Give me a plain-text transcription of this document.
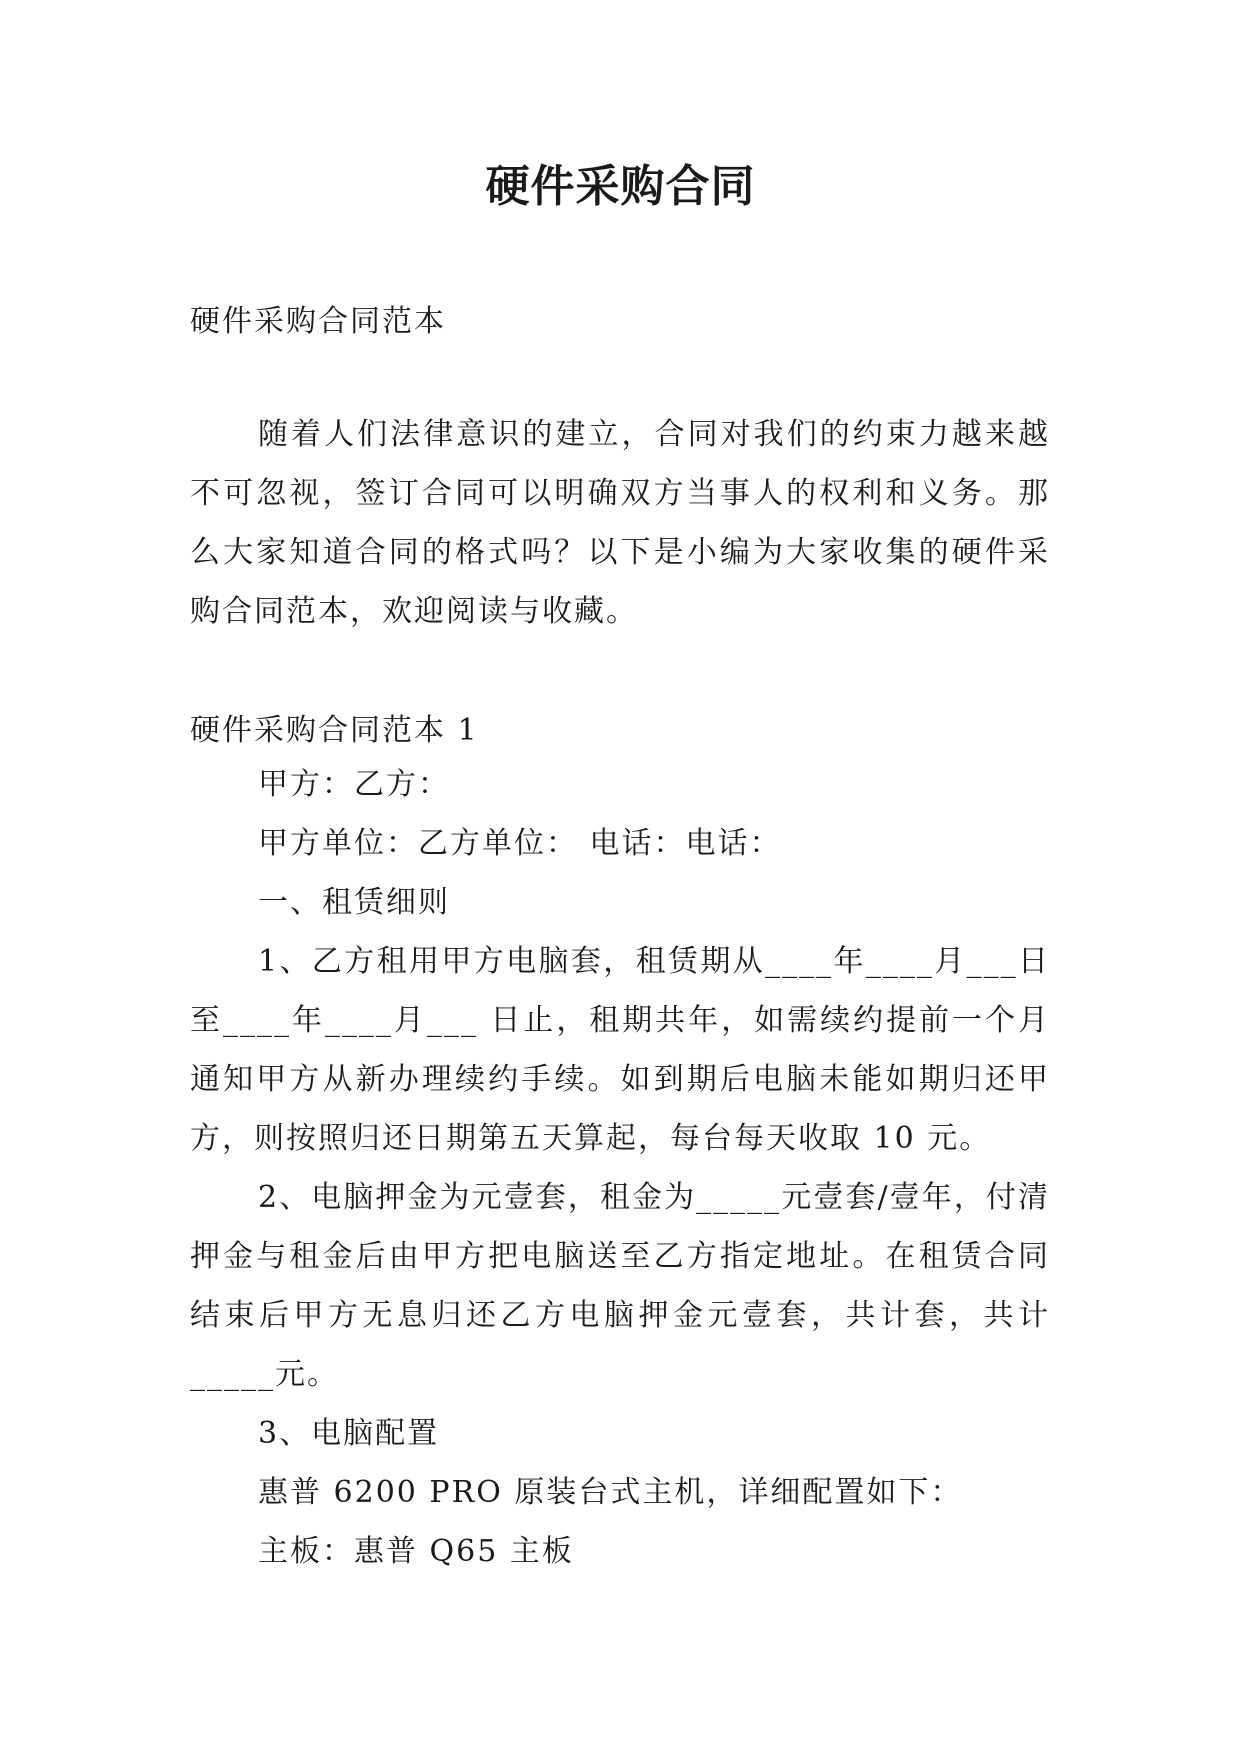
硬件采购合同
硬件采购合同范本

随着人们法律意识的建立，合同对我们的约束力越来越不可忽视，签订合同可以明确双方当事人的权利和义务。那么大家知道合同的格式吗？以下是小编为大家收集的硬件采购合同范本，欢迎阅读与收藏。

硬件采购合同范本 1

甲方：乙方：

甲方单位：乙方单位： 电话：电话：

一、租赁细则

1、乙方租用甲方电脑套，租赁期从____年____月___日至____年____月___ 日止，租期共年，如需续约提前一个月通知甲方从新办理续约手续。如到期后电脑未能如期归还甲方，则按照归还日期第五天算起，每台每天收取 10 元。

2、电脑押金为元壹套，租金为_____元壹套/壹年，付清押金与租金后由甲方把电脑送至乙方指定地址。在租赁合同结束后甲方无息归还乙方电脑押金元壹套，共计套，共计_____元。

3、电脑配置

惠普 6200 PRO 原装台式主机，详细配置如下：

主板：惠普 Q65 主板
